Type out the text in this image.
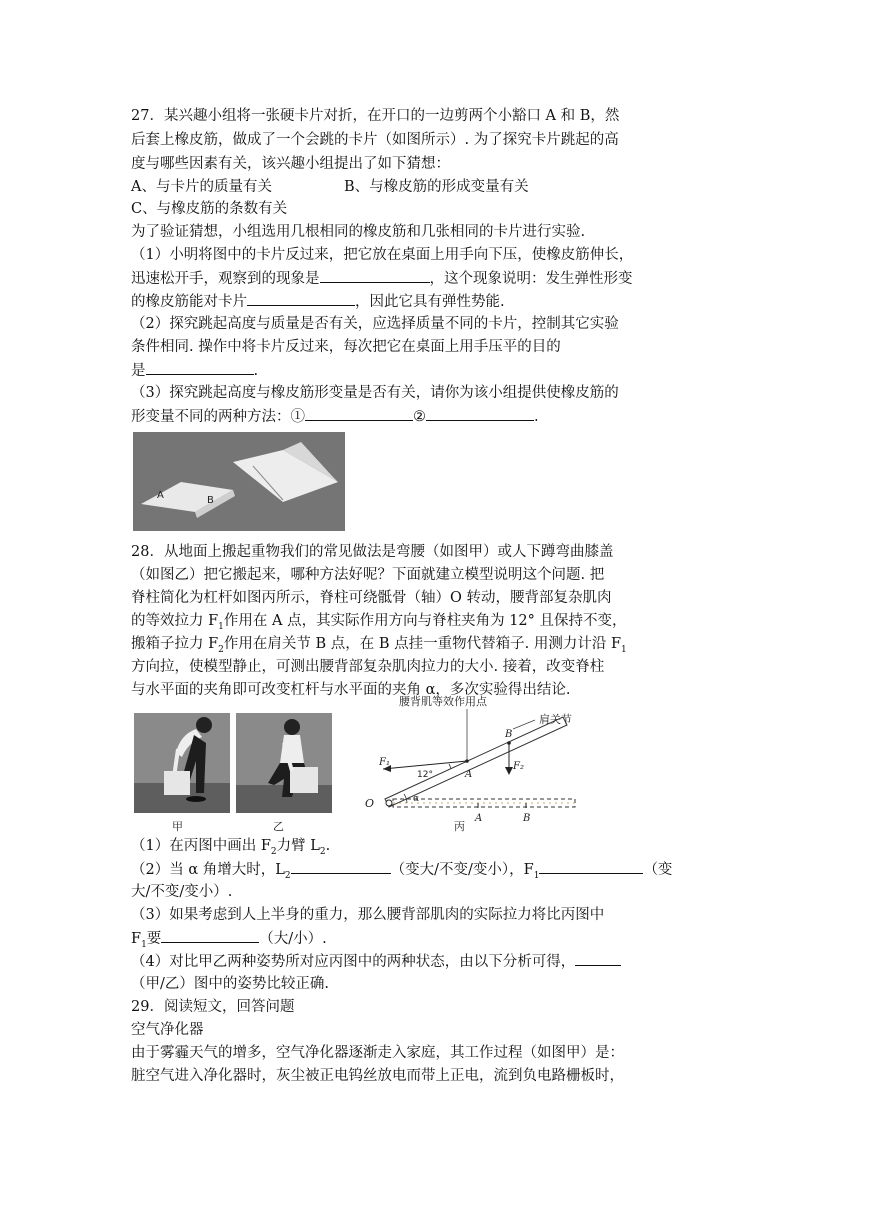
27．某兴趣小组将一张硬卡片对折，在开口的一边剪两个小豁口 A 和 B，然
后套上橡皮筋，做成了一个会跳的卡片（如图所示）. 为了探究卡片跳起的高
度与哪些因素有关，该兴趣小组提出了如下猜想：
A、与卡片的质量有关	B、与橡皮筋的形成变量有关
C、与橡皮筋的条数有关
为了验证猜想，小组选用几根相同的橡皮筋和几张相同的卡片进行实验.
（1）小明将图中的卡片反过来，把它放在桌面上用手向下压，使橡皮筋伸长，
迅速松开手，观察到的现象是	，这个现象说明：发生弹性形变
的橡皮筋能对卡片	，因此它具有弹性势能.
（2）探究跳起高度与质量是否有关，应选择质量不同的卡片，控制其它实验
条件相同. 操作中将卡片反过来，每次把它在桌面上用手压平的目的
是	.
（3）探究跳起高度与橡皮筋形变量是否有关，请你为该小组提供使橡皮筋的
形变量不同的两种方法：①	②	.
A	B
28．从地面上搬起重物我们的常见做法是弯腰（如图甲）或人下蹲弯曲膝盖
（如图乙）把它搬起来，哪种方法好呢？下面就建立模型说明这个问题. 把
脊柱简化为杠杆如图丙所示，脊柱可绕骶骨（轴）O 转动，腰背部复杂肌肉
的等效拉力 $F_1$作用在 A 点，其实际作用方向与脊柱夹角为 12° 且保持不变，
搬箱子拉力 $F_2$作用在肩关节 B 点，在 B 点挂一重物代替箱子. 用测力计沿 $F_1$
方向拉，使模型静止，可测出腰背部复杂肌肉拉力的大小. 接着，改变脊柱
与水平面的夹角即可改变杠杆与水平面的夹角 α，多次实验得出结论.
甲	乙
O	α
A
B
F₁
12°
F₂
腰背肌等效作用点
肩关节
A	B
丙
（1）在丙图中画出 $F_2$力臂 $L_2$.
（2）当 α 角增大时，$L_2$	（变大/不变/变小），$F_1$	（变
大/不变/变小）.
（3）如果考虑到人上半身的重力，那么腰背部肌肉的实际拉力将比丙图中
$F_1$要	（大/小）.
（4）对比甲乙两种姿势所对应丙图中的两种状态，由以下分析可得，
（甲/乙）图中的姿势比较正确.
29．阅读短文，回答问题
空气净化器
由于雾霾天气的增多，空气净化器逐渐走入家庭，其工作过程（如图甲）是：
脏空气进入净化器时，灰尘被正电钨丝放电而带上正电，流到负电路栅板时，
